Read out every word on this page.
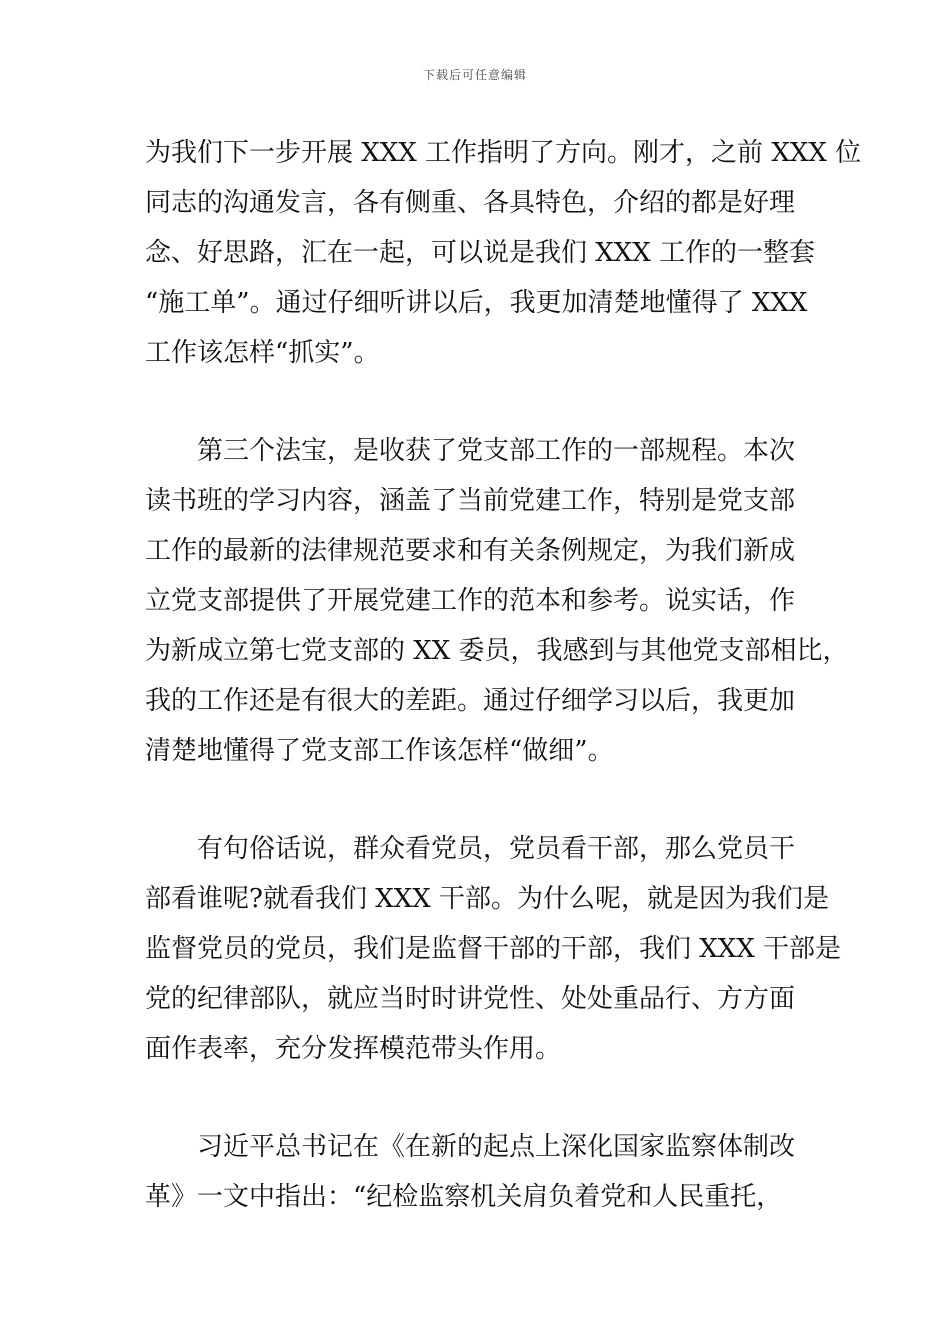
下载后可任意编辑

为我们下一步开展 XXX 工作指明了方向。刚才，之前 XXX 位
同志的沟通发言，各有侧重、各具特色，介绍的都是好理
念、好思路，汇在一起，可以说是我们 XXX 工作的一整套
“施工单”。通过仔细听讲以后，我更加清楚地懂得了 XXX
工作该怎样“抓实”。

第三个法宝，是收获了党支部工作的一部规程。本次
读书班的学习内容，涵盖了当前党建工作，特别是党支部
工作的最新的法律规范要求和有关条例规定，为我们新成
立党支部提供了开展党建工作的范本和参考。说实话，作
为新成立第七党支部的 XX 委员，我感到与其他党支部相比，
我的工作还是有很大的差距。通过仔细学习以后，我更加
清楚地懂得了党支部工作该怎样“做细”。

有句俗话说，群众看党员，党员看干部，那么党员干
部看谁呢?就看我们 XXX 干部。为什么呢，就是因为我们是
监督党员的党员，我们是监督干部的干部，我们 XXX 干部是
党的纪律部队，就应当时时讲党性、处处重品行、方方面
面作表率，充分发挥模范带头作用。

习近平总书记在《在新的起点上深化国家监察体制改
革》一文中指出：“纪检监察机关肩负着党和人民重托，
